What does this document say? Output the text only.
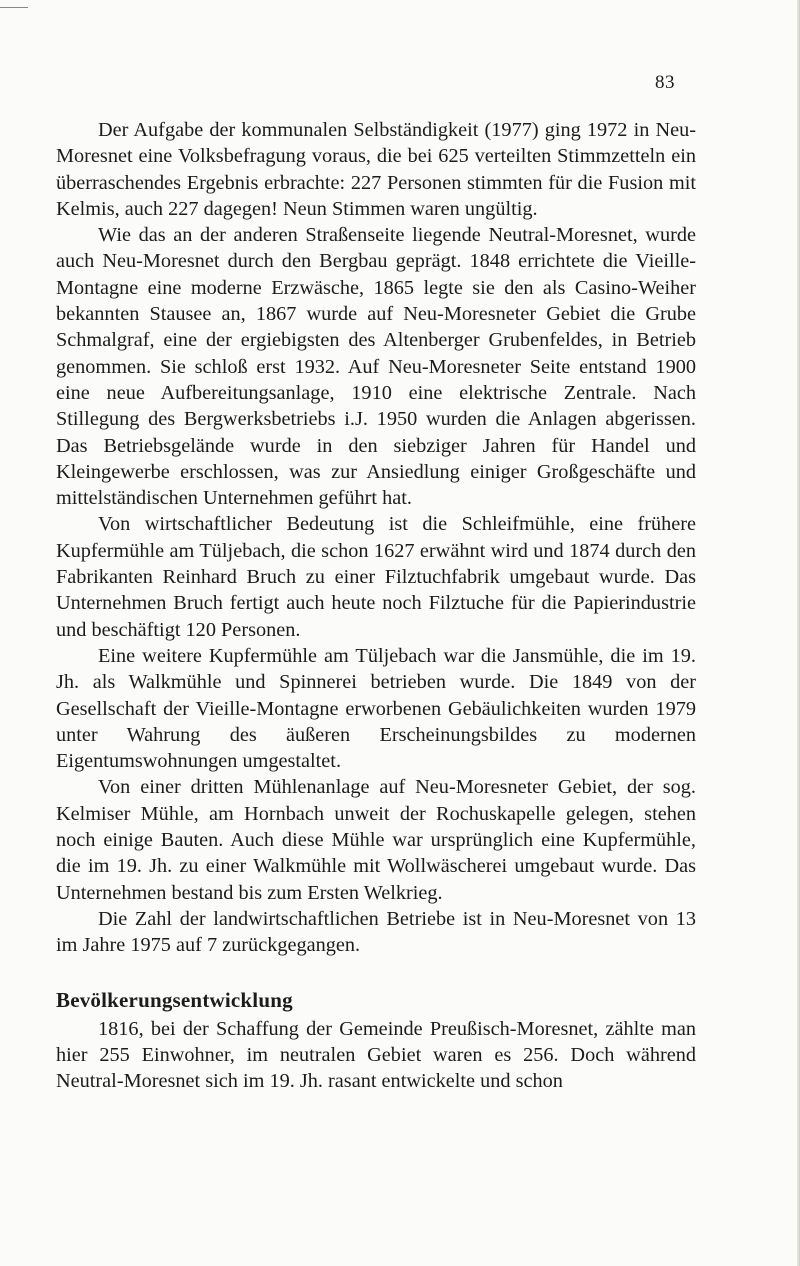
83

Der Aufgabe der kommunalen Selbständigkeit (1977) ging 1972 in Neu-Moresnet eine Volksbefragung voraus, die bei 625 verteilten Stimmzetteln ein überraschendes Ergebnis erbrachte: 227 Personen stimmten für die Fusion mit Kelmis, auch 227 dagegen! Neun Stimmen waren ungültig.

Wie das an der anderen Straßenseite liegende Neutral-Moresnet, wurde auch Neu-Moresnet durch den Bergbau geprägt. 1848 errichtete die Vieille-Montagne eine moderne Erzwäsche, 1865 legte sie den als Casino-Weiher bekannten Stausee an, 1867 wurde auf Neu-Moresneter Gebiet die Grube Schmalgraf, eine der ergiebigsten des Altenberger Grubenfeldes, in Betrieb genommen. Sie schloß erst 1932. Auf Neu-Moresneter Seite entstand 1900 eine neue Aufbereitungsanlage, 1910 eine elektrische Zentrale. Nach Stillegung des Bergwerksbetriebs i.J. 1950 wurden die Anlagen abgerissen. Das Betriebsgelände wurde in den siebziger Jahren für Handel und Kleingewerbe erschlossen, was zur Ansiedlung einiger Großgeschäfte und mittelständischen Unternehmen geführt hat.

Von wirtschaftlicher Bedeutung ist die Schleifmühle, eine frühere Kupfermühle am Tüljebach, die schon 1627 erwähnt wird und 1874 durch den Fabrikanten Reinhard Bruch zu einer Filztuchfabrik umgebaut wurde. Das Unternehmen Bruch fertigt auch heute noch Filztuche für die Papierindustrie und beschäftigt 120 Personen.

Eine weitere Kupfermühle am Tüljebach war die Jansmühle, die im 19. Jh. als Walkmühle und Spinnerei betrieben wurde. Die 1849 von der Gesellschaft der Vieille-Montagne erworbenen Gebäulichkeiten wurden 1979 unter Wahrung des äußeren Erscheinungsbildes zu modernen Eigentumswohnungen umgestaltet.

Von einer dritten Mühlenanlage auf Neu-Moresneter Gebiet, der sog. Kelmiser Mühle, am Hornbach unweit der Rochuskapelle gelegen, stehen noch einige Bauten. Auch diese Mühle war ursprünglich eine Kupfermühle, die im 19. Jh. zu einer Walkmühle mit Wollwäscherei umgebaut wurde. Das Unternehmen bestand bis zum Ersten Welkrieg.

Die Zahl der landwirtschaftlichen Betriebe ist in Neu-Moresnet von 13 im Jahre 1975 auf 7 zurückgegangen.

Bevölkerungsentwicklung

1816, bei der Schaffung der Gemeinde Preußisch-Moresnet, zählte man hier 255 Einwohner, im neutralen Gebiet waren es 256. Doch während Neutral-Moresnet sich im 19. Jh. rasant entwickelte und schon
